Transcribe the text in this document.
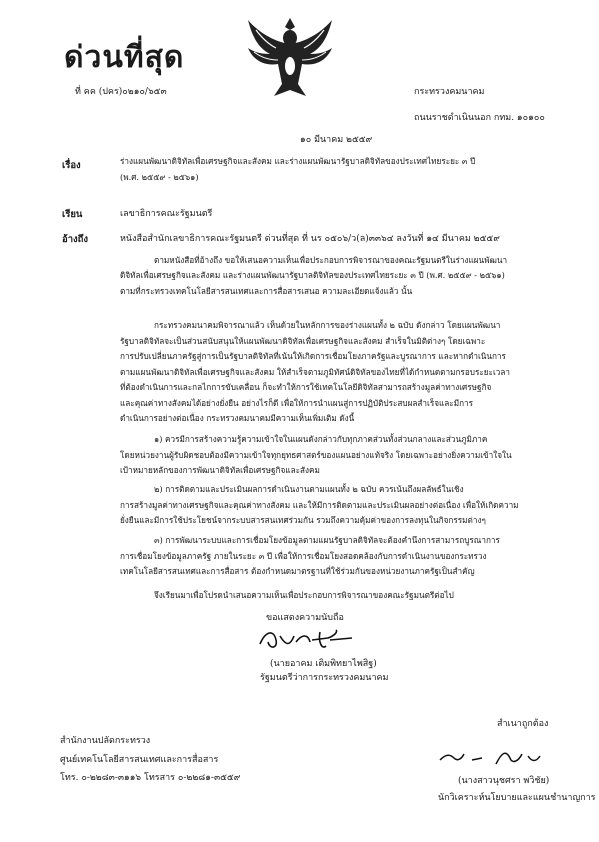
ด่วนที่สุด
ที่ คค (ปคร)๐๒๑๐/๖๕๓	กระทรวงคมนาคม
ถนนราชดำเนินนอก กทม. ๑๐๑๐๐
๑๐ มีนาคม ๒๕๕๙
เรื่อง	ร่างแผนพัฒนาดิจิทัลเพื่อเศรษฐกิจและสังคม และร่างแผนพัฒนารัฐบาลดิจิทัลของประเทศไทยระยะ ๓ ปี
(พ.ศ. ๒๕๕๙ - ๒๕๖๑)
เรียน	เลขาธิการคณะรัฐมนตรี
อ้างถึง	หนังสือสำนักเลขาธิการคณะรัฐมนตรี ด่วนที่สุด ที่ นร ๐๕๐๖/ว(ล)๓๓๖๔ ลงวันที่ ๑๔ มีนาคม ๒๕๕๙
ตามหนังสือที่อ้างถึง ขอให้เสนอความเห็นเพื่อประกอบการพิจารณาของคณะรัฐมนตรีในร่างแผนพัฒนา
ดิจิทัลเพื่อเศรษฐกิจและสังคม และร่างแผนพัฒนารัฐบาลดิจิทัลของประเทศไทยระยะ ๓ ปี (พ.ศ. ๒๕๕๙ - ๒๕๖๑)
ตามที่กระทรวงเทคโนโลยีสารสนเทศและการสื่อสารเสนอ ความละเอียดแจ้งแล้ว นั้น
กระทรวงคมนาคมพิจารณาแล้ว เห็นด้วยในหลักการของร่างแผนทั้ง ๒ ฉบับ ดังกล่าว โดยแผนพัฒนา
รัฐบาลดิจิทัลจะเป็นส่วนสนับสนุนให้แผนพัฒนาดิจิทัลเพื่อเศรษฐกิจและสังคม สำเร็จในมิติต่างๆ โดยเฉพาะ
การปรับเปลี่ยนภาครัฐสู่การเป็นรัฐบาลดิจิทัลที่เน้นให้เกิดการเชื่อมโยงภาครัฐและบูรณาการ และหากดำเนินการ
ตามแผนพัฒนาดิจิทัลเพื่อเศรษฐกิจและสังคม ให้สำเร็จตามภูมิทัศน์ดิจิทัลของไทยที่ได้กำหนดตามกรอบระยะเวลา
ที่ต้องดำเนินการและกลไกการขับเคลื่อน ก็จะทำให้การใช้เทคโนโลยีดิจิทัลสามารถสร้างมูลค่าทางเศรษฐกิจ
และคุณค่าทางสังคมได้อย่างยั่งยืน อย่างไรก็ดี เพื่อให้การนำแผนสู่การปฏิบัติประสบผลสำเร็จและมีการ
ดำเนินการอย่างต่อเนื่อง กระทรวงคมนาคมมีความเห็นเพิ่มเติม ดังนี้
๑) ควรมีการสร้างความรู้ความเข้าใจในแผนดังกล่าวกับทุกภาคส่วนทั้งส่วนกลางและส่วนภูมิภาค
โดยหน่วยงานผู้รับผิดชอบต้องมีความเข้าใจทุกยุทธศาสตร์ของแผนอย่างแท้จริง โดยเฉพาะอย่างยิ่งความเข้าใจใน
เป้าหมายหลักของการพัฒนาดิจิทัลเพื่อเศรษฐกิจและสังคม
๒) การติดตามและประเมินผลการดำเนินงานตามแผนทั้ง ๒ ฉบับ ควรเน้นถึงผลลัพธ์ในเชิง
การสร้างมูลค่าทางเศรษฐกิจและคุณค่าทางสังคม และให้มีการติดตามและประเมินผลอย่างต่อเนื่อง เพื่อให้เกิดความ
ยั่งยืนและมีการใช้ประโยชน์จากระบบสารสนเทศร่วมกัน รวมถึงความคุ้มค่าของการลงทุนในกิจกรรมต่างๆ
๓) การพัฒนาระบบและการเชื่อมโยงข้อมูลตามแผนรัฐบาลดิจิทัลจะต้องคำนึงการสามารถบูรณาการ
การเชื่อมโยงข้อมูลภาครัฐ ภายในระยะ ๓ ปี เพื่อให้การเชื่อมโยงสอดคล้องกับการดำเนินงานของกระทรวง
เทคโนโลยีสารสนเทศและการสื่อสาร ต้องกำหนดมาตรฐานที่ใช้ร่วมกันของหน่วยงานภาครัฐเป็นสำคัญ
จึงเรียนมาเพื่อโปรดนำเสนอความเห็นเพื่อประกอบการพิจารณาของคณะรัฐมนตรีต่อไป
ขอแสดงความนับถือ
(นายอาคม เติมพิทยาไพสิฐ)
รัฐมนตรีว่าการกระทรวงคมนาคม
สำเนาถูกต้อง
สำนักงานปลัดกระทรวง
ศูนย์เทคโนโลยีสารสนเทศและการสื่อสาร
โทร. ๐-๒๒๘๓-๓๑๑๖ โทรสาร ๐-๒๒๘๑-๓๕๕๙	(นางสาวนุชศรา พวิชัย)
นักวิเคราะห์นโยบายและแผนชำนาญการ
